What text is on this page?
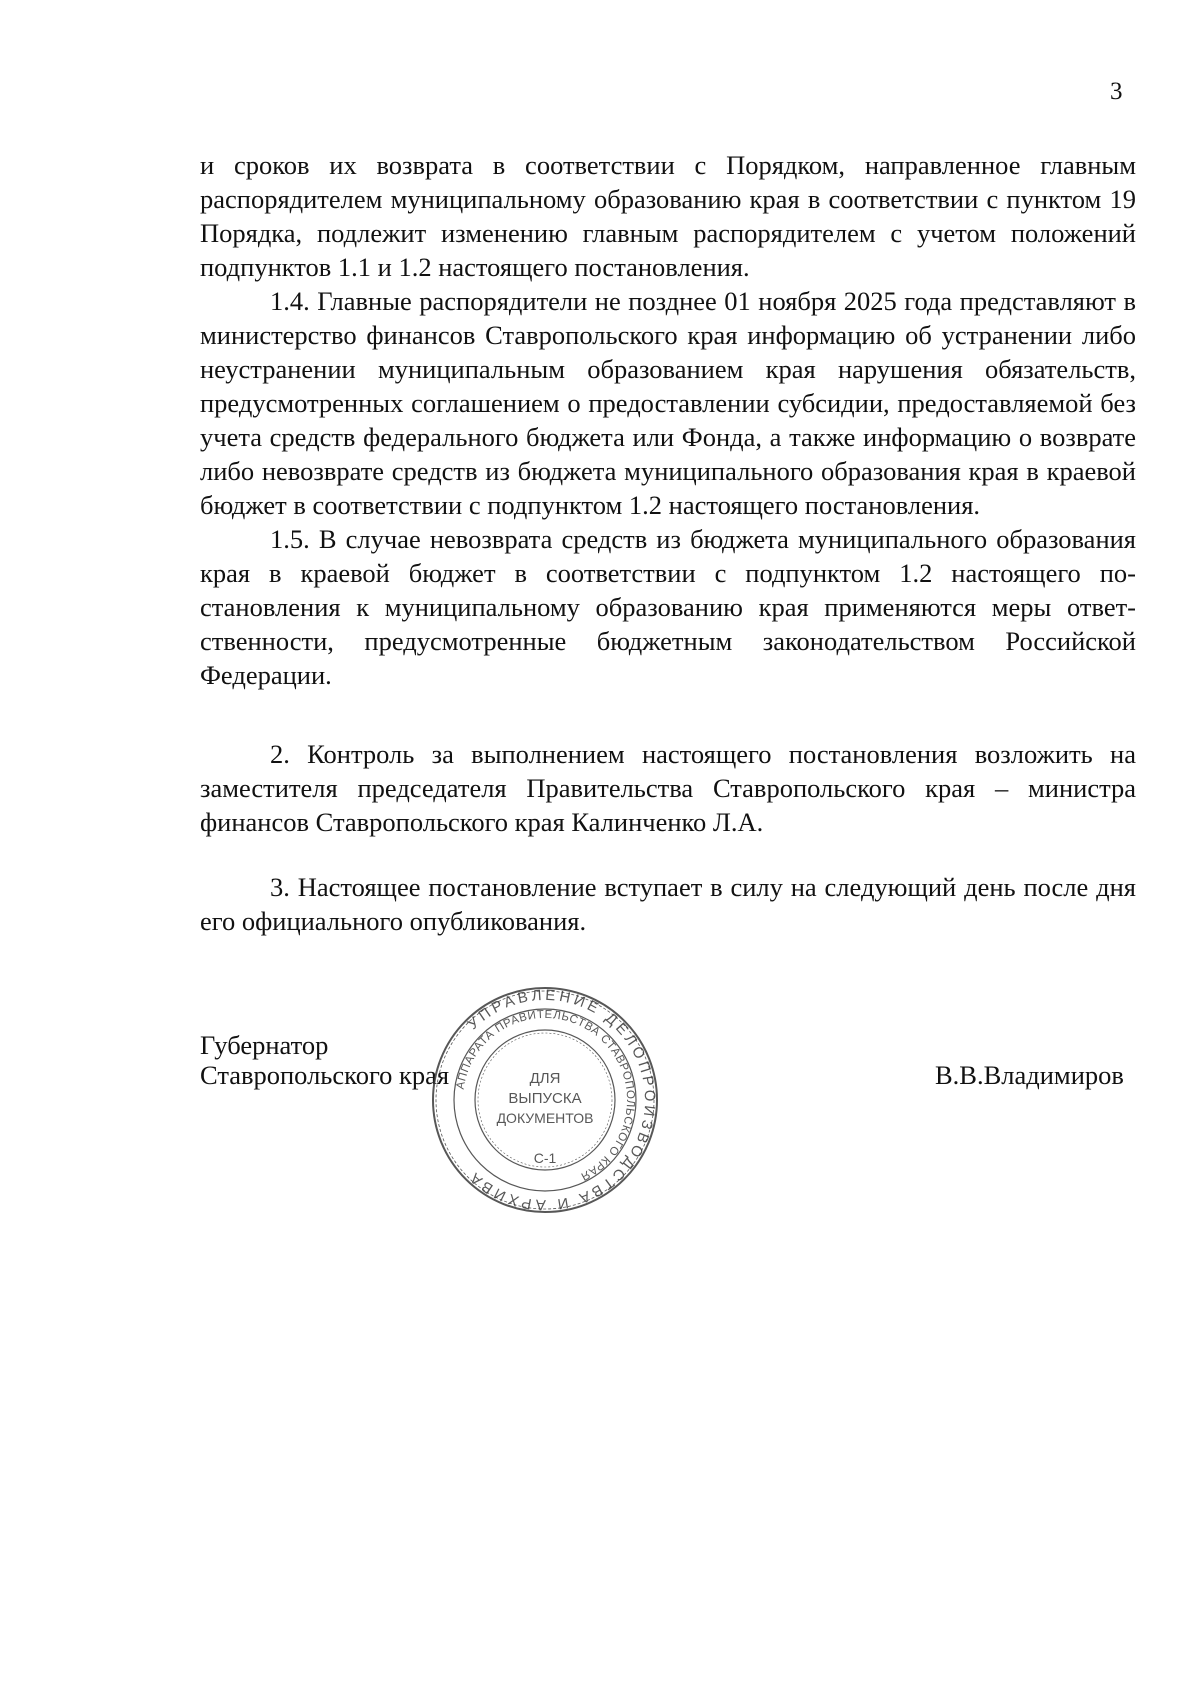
3

и сроков их возврата в соответствии с Порядком, направленное главным распорядителем муниципальному образованию края в соответствии с пунктом 19 Порядка, подлежит изменению главным распорядителем с учетом положений подпунктов 1.1 и 1.2 настоящего постановления.

1.4. Главные распорядители не позднее 01 ноября 2025 года представляют в министерство финансов Ставропольского края информацию об устранении либо неустранении муниципальным образованием края нарушения обязательств, предусмотренных соглашением о предоставлении субсидии, предоставляемой без учета средств федерального бюджета или Фонда, а также информацию о возврате либо невозврате средств из бюджета муниципального образования края в краевой бюджет в соответствии с подпунктом 1.2 настоящего постановления.

1.5. В случае невозврата средств из бюджета муниципального образования края в краевой бюджет в соответствии с подпунктом 1.2 настоящего постановления к муниципальному образованию края применяются меры ответственности, предусмотренные бюджетным законодательством Российской Федерации.

2. Контроль за выполнением настоящего постановления возложить на заместителя председателя Правительства Ставропольского края – министра финансов Ставропольского края Калинченко Л.А.

3. Настоящее постановление вступает в силу на следующий день после дня его официального опубликования.

Губернатор
Ставропольского края	В.В.Владимиров
УПРАВЛЕНИЕ ДЕЛОПРОИЗВОДСТВА И АРХИВА
АППАРАТА ПРАВИТЕЛЬСТВА СТАВРОПОЛЬСКОГО КРАЯ
ДЛЯ
ВЫПУСКА
ДОКУМЕНТОВ
С-1
